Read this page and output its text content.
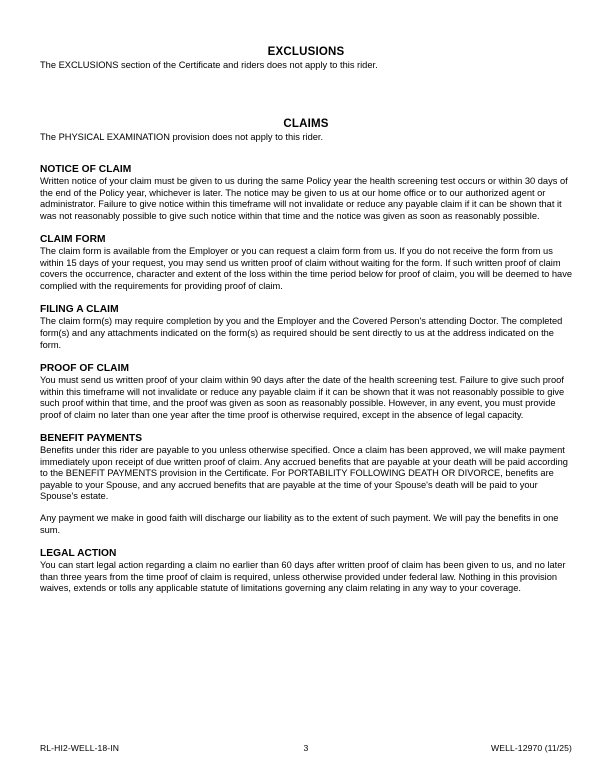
EXCLUSIONS

The EXCLUSIONS section of the Certificate and riders does not apply to this rider.

CLAIMS

The PHYSICAL EXAMINATION provision does not apply to this rider.

NOTICE OF CLAIM

Written notice of your claim must be given to us during the same Policy year the health screening test occurs or within 30 days of the end of the Policy year, whichever is later. The notice may be given to us at our home office or to our authorized agent or administrator. Failure to give notice within this timeframe will not invalidate or reduce any payable claim if it can be shown that it was not reasonably possible to give such notice within that time and the notice was given as soon as reasonably possible.

CLAIM FORM

The claim form is available from the Employer or you can request a claim form from us. If you do not receive the form from us within 15 days of your request, you may send us written proof of claim without waiting for the form. If such written proof of claim covers the occurrence, character and extent of the loss within the time period below for proof of claim, you will be deemed to have complied with the requirements for providing proof of claim.

FILING A CLAIM

The claim form(s) may require completion by you and the Employer and the Covered Person's attending Doctor. The completed form(s) and any attachments indicated on the form(s) as required should be sent directly to us at the address indicated on the form.

PROOF OF CLAIM

You must send us written proof of your claim within 90 days after the date of the health screening test. Failure to give such proof within this timeframe will not invalidate or reduce any payable claim if it can be shown that it was not reasonably possible to give such proof within that time, and the proof was given as soon as reasonably possible. However, in any event, you must provide proof of claim no later than one year after the time proof is otherwise required, except in the absence of legal capacity.

BENEFIT PAYMENTS

Benefits under this rider are payable to you unless otherwise specified. Once a claim has been approved, we will make payment immediately upon receipt of due written proof of claim. Any accrued benefits that are payable at your death will be paid according to the BENEFIT PAYMENTS provision in the Certificate. For PORTABILITY FOLLOWING DEATH OR DIVORCE, benefits are payable to your Spouse, and any accrued benefits that are payable at the time of your Spouse's death will be paid to your Spouse's estate.

Any payment we make in good faith will discharge our liability as to the extent of such payment. We will pay the benefits in one sum.

LEGAL ACTION

You can start legal action regarding a claim no earlier than 60 days after written proof of claim has been given to us, and no later than three years from the time proof of claim is required, unless otherwise provided under federal law. Nothing in this provision waives, extends or tolls any applicable statute of limitations governing any claim relating in any way to your coverage.

RL-HI2-WELL-18-IN	3	WELL-12970 (11/25)
